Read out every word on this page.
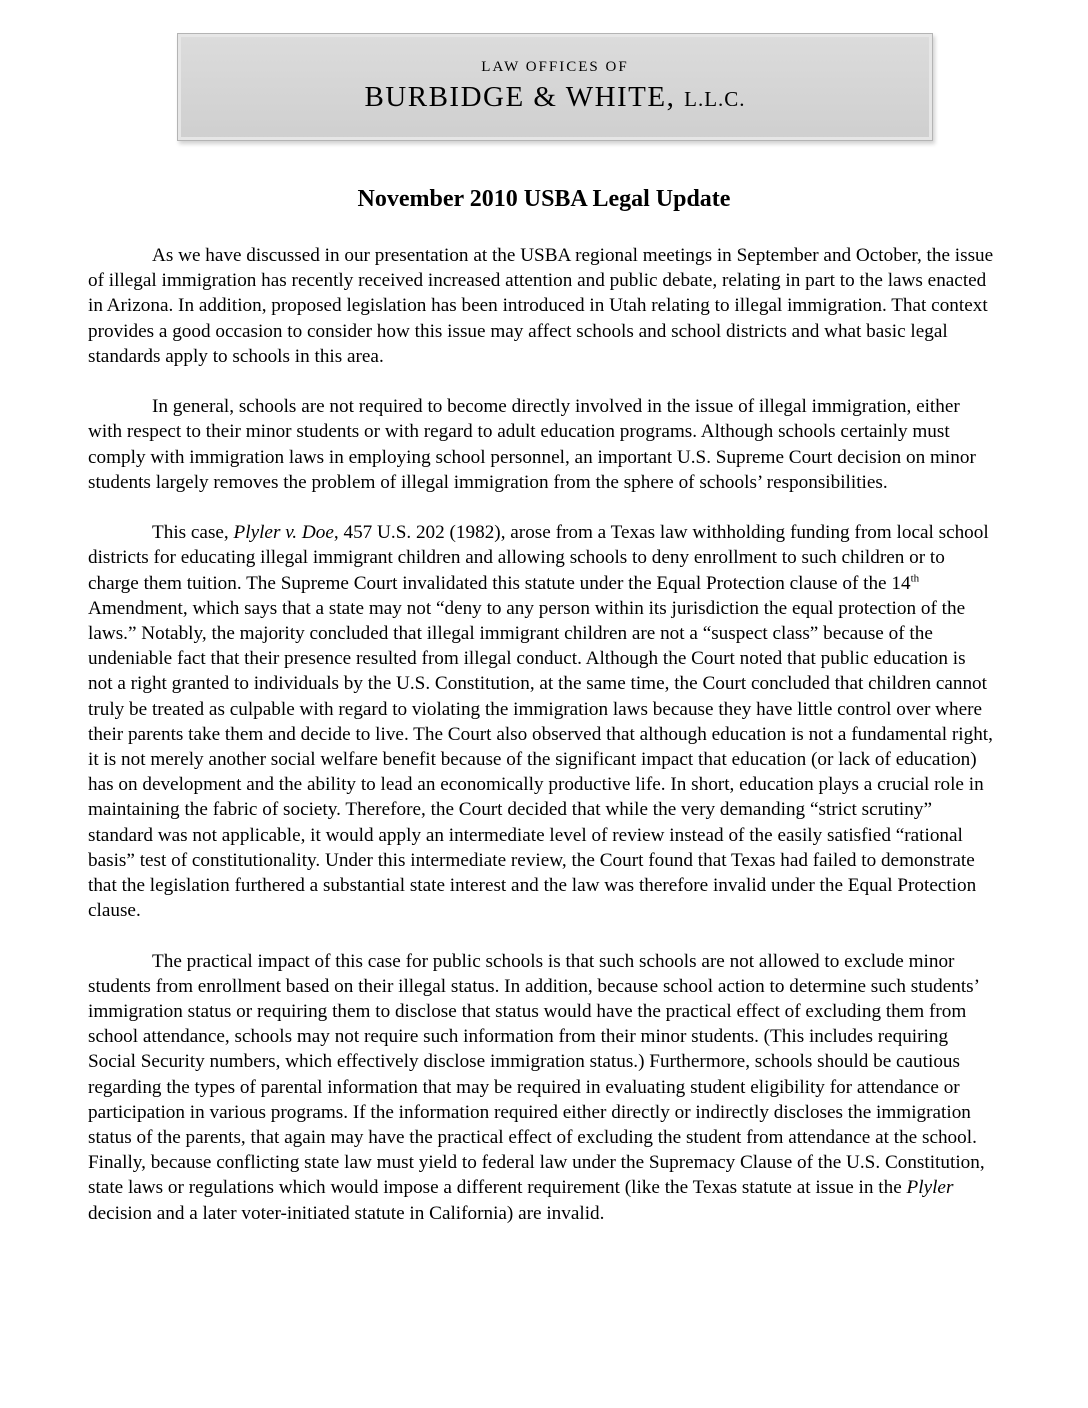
LAW OFFICES OF
BURBIDGE & WHITE, L.L.C.
November 2010 USBA Legal Update

As we have discussed in our presentation at the USBA regional meetings in September and October, the issue of illegal immigration has recently received increased attention and public debate, relating in part to the laws enacted in Arizona. In addition, proposed legislation has been introduced in Utah relating to illegal immigration. That context provides a good occasion to consider how this issue may affect schools and school districts and what basic legal standards apply to schools in this area.

In general, schools are not required to become directly involved in the issue of illegal immigration, either with respect to their minor students or with regard to adult education programs. Although schools certainly must comply with immigration laws in employing school personnel, an important U.S. Supreme Court decision on minor students largely removes the problem of illegal immigration from the sphere of schools’ responsibilities.

This case, Plyler v. Doe, 457 U.S. 202 (1982), arose from a Texas law withholding funding from local school districts for educating illegal immigrant children and allowing schools to deny enrollment to such children or to charge them tuition. The Supreme Court invalidated this statute under the Equal Protection clause of the 14th Amendment, which says that a state may not “deny to any person within its jurisdiction the equal protection of the laws.” Notably, the majority concluded that illegal immigrant children are not a “suspect class” because of the undeniable fact that their presence resulted from illegal conduct. Although the Court noted that public education is not a right granted to individuals by the U.S. Constitution, at the same time, the Court concluded that children cannot truly be treated as culpable with regard to violating the immigration laws because they have little control over where their parents take them and decide to live. The Court also observed that although education is not a fundamental right, it is not merely another social welfare benefit because of the significant impact that education (or lack of education) has on development and the ability to lead an economically productive life. In short, education plays a crucial role in maintaining the fabric of society. Therefore, the Court decided that while the very demanding “strict scrutiny” standard was not applicable, it would apply an intermediate level of review instead of the easily satisfied “rational basis” test of constitutionality. Under this intermediate review, the Court found that Texas had failed to demonstrate that the legislation furthered a substantial state interest and the law was therefore invalid under the Equal Protection clause.

The practical impact of this case for public schools is that such schools are not allowed to exclude minor students from enrollment based on their illegal status. In addition, because school action to determine such students’ immigration status or requiring them to disclose that status would have the practical effect of excluding them from school attendance, schools may not require such information from their minor students. (This includes requiring Social Security numbers, which effectively disclose immigration status.) Furthermore, schools should be cautious regarding the types of parental information that may be required in evaluating student eligibility for attendance or participation in various programs. If the information required either directly or indirectly discloses the immigration status of the parents, that again may have the practical effect of excluding the student from attendance at the school. Finally, because conflicting state law must yield to federal law under the Supremacy Clause of the U.S. Constitution, state laws or regulations which would impose a different requirement (like the Texas statute at issue in the Plyler decision and a later voter-initiated statute in California) are invalid.
